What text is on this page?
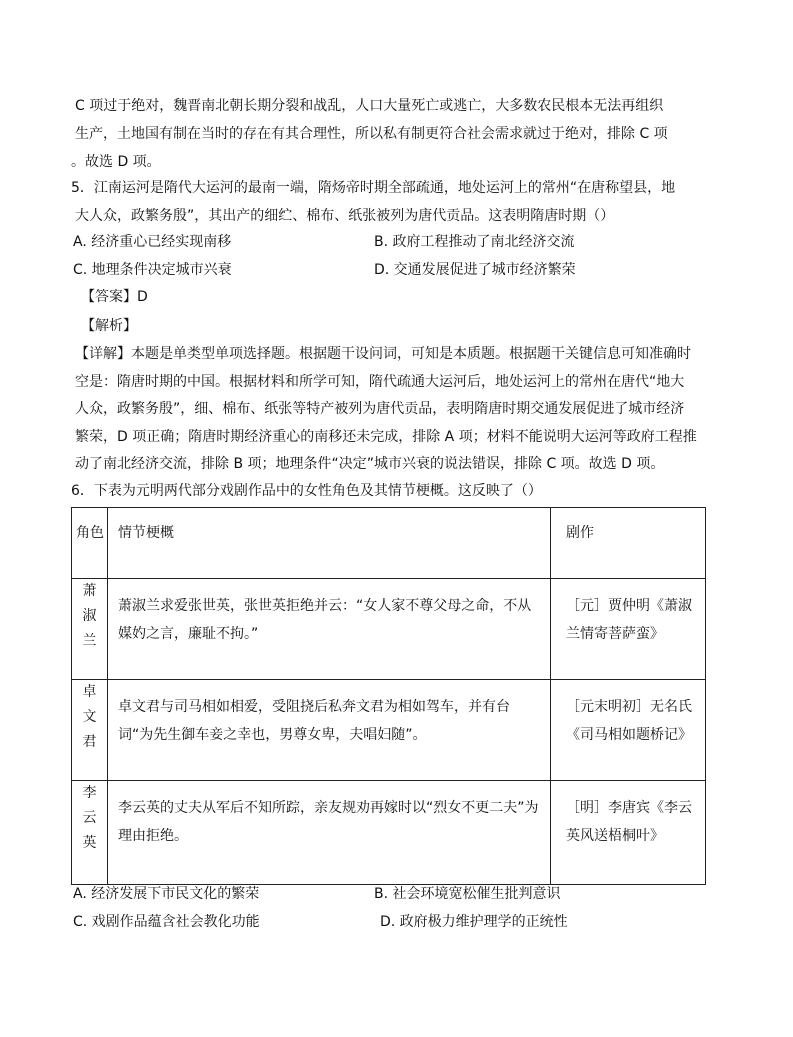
C 项过于绝对，魏晋南北朝长期分裂和战乱，人口大量死亡或逃亡，大多数农民根本无法再组织
生产，土地国有制在当时的存在有其合理性，所以私有制更符合社会需求就过于绝对，排除 C 项
。故选 D 项。
5．江南运河是隋代大运河的最南一端，隋炀帝时期全部疏通，地处运河上的常州“在唐称望县，地
大人众，政繁务殷”，其出产的细纻、棉布、纸张被列为唐代贡品。这表明隋唐时期（）
A. 经济重心已经实现南移	B. 政府工程推动了南北经济交流
C. 地理条件决定城市兴衰	D. 交通发展促进了城市经济繁荣
【答案】D
【解析】
【详解】本题是单类型单项选择题。根据题干设问词，可知是本质题。根据题干关键信息可知准确时
空是：隋唐时期的中国。根据材料和所学可知，隋代疏通大运河后，地处运河上的常州在唐代“地大
人众，政繁务殷”，细、棉布、纸张等特产被列为唐代贡品，表明隋唐时期交通发展促进了城市经济
繁荣，D 项正确；隋唐时期经济重心的南移还未完成，排除 A 项；材料不能说明大运河等政府工程推
动了南北经济交流，排除 B 项；地理条件“决定”城市兴衰的说法错误，排除 C 项。故选 D 项。
6．下表为元明两代部分戏剧作品中的女性角色及其情节梗概。这反映了（）
角色	情节梗概	剧作

萧
淑
兰	萧淑兰求爱张世英，张世英拒绝并云：“女人家不尊父母之命，不从媒妁之言，廉耻不拘。”	［元］贾仲明《萧淑兰情寄菩萨蛮》

卓
文
君	卓文君与司马相如相爱，受阻挠后私奔文君为相如驾车，并有台词“为先生御车妾之幸也，男尊女卑，夫唱妇随”。	［元末明初］无名氏《司马相如题桥记》

李
云
英	李云英的丈夫从军后不知所踪，亲友规劝再嫁时以“烈女不更二夫”为理由拒绝。	［明］李唐宾《李云英风送梧桐叶》
A. 经济发展下市民文化的繁荣	B. 社会环境宽松催生批判意识
C. 戏剧作品蕴含社会教化功能	D. 政府极力维护理学的正统性
